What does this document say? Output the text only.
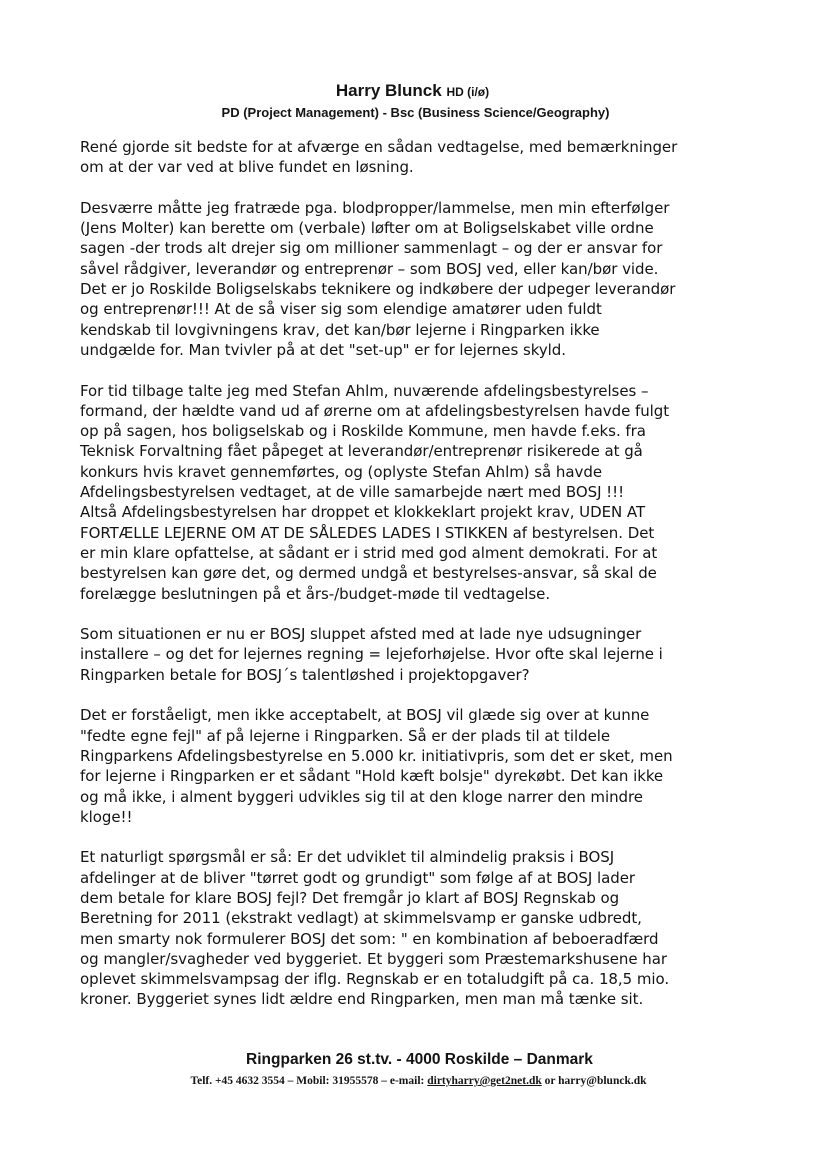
Harry Blunck HD (i/ø)
PD (Project Management) - Bsc (Business Science/Geography)
René gjorde sit bedste for at afværge en sådan vedtagelse, med bemærkninger
om at der var ved at blive fundet en løsning.
Desværre måtte jeg fratræde pga. blodpropper/lammelse, men min efterfølger
(Jens Molter) kan berette om (verbale) løfter om at Boligselskabet ville ordne
sagen -der trods alt drejer sig om millioner sammenlagt – og der er ansvar for
såvel rådgiver, leverandør og entreprenør – som BOSJ ved, eller kan/bør vide.
Det er jo Roskilde Boligselskabs teknikere og indkøbere der udpeger leverandør
og entreprenør!!! At de så viser sig som elendige amatører uden fuldt
kendskab til lovgivningens krav, det kan/bør lejerne i Ringparken ikke
undgælde for. Man tvivler på at det "set-up" er for lejernes skyld.
For tid tilbage talte jeg med Stefan Ahlm, nuværende afdelingsbestyrelses –
formand, der hældte vand ud af ørerne om at afdelingsbestyrelsen havde fulgt
op på sagen, hos boligselskab og i Roskilde Kommune, men havde f.eks. fra
Teknisk Forvaltning fået påpeget at leverandør/entreprenør risikerede at gå
konkurs hvis kravet gennemførtes, og (oplyste Stefan Ahlm) så havde
Afdelingsbestyrelsen vedtaget, at de ville samarbejde nært med BOSJ !!!
Altså Afdelingsbestyrelsen har droppet et klokkeklart projekt krav, UDEN AT
FORTÆLLE LEJERNE OM AT DE SÅLEDES LADES I STIKKEN af bestyrelsen. Det
er min klare opfattelse, at sådant er i strid med god alment demokrati. For at
bestyrelsen kan gøre det, og dermed undgå et bestyrelses-ansvar, så skal de
forelægge beslutningen på et års-/budget-møde til vedtagelse.
Som situationen er nu er BOSJ sluppet afsted med at lade nye udsugninger
installere – og det for lejernes regning = lejeforhøjelse. Hvor ofte skal lejerne i
Ringparken betale for BOSJ´s talentløshed i projektopgaver?
Det er forståeligt, men ikke acceptabelt, at BOSJ vil glæde sig over at kunne
"fedte egne fejl" af på lejerne i Ringparken. Så er der plads til at tildele
Ringparkens Afdelingsbestyrelse en 5.000 kr. initiativpris, som det er sket, men
for lejerne i Ringparken er et sådant "Hold kæft bolsje" dyrekøbt. Det kan ikke
og må ikke, i alment byggeri udvikles sig til at den kloge narrer den mindre
kloge!!
Et naturligt spørgsmål er så: Er det udviklet til almindelig praksis i BOSJ
afdelinger at de bliver "tørret godt og grundigt" som følge af at BOSJ lader
dem betale for klare BOSJ fejl? Det fremgår jo klart af BOSJ Regnskab og
Beretning for 2011 (ekstrakt vedlagt) at skimmelsvamp er ganske udbredt,
men smarty nok formulerer BOSJ det som: " en kombination af beboeradfærd
og mangler/svagheder ved byggeriet. Et byggeri som Præstemarkshusene har
oplevet skimmelsvampsag der iflg. Regnskab er en totaludgift på ca. 18,5 mio.
kroner. Byggeriet synes lidt ældre end Ringparken, men man må tænke sit.
Ringparken 26 st.tv. - 4000 Roskilde – Danmark
Telf. +45 4632 3554 – Mobil: 31955578 – e-mail: dirtyharry@get2net.dk or harry@blunck.dk
